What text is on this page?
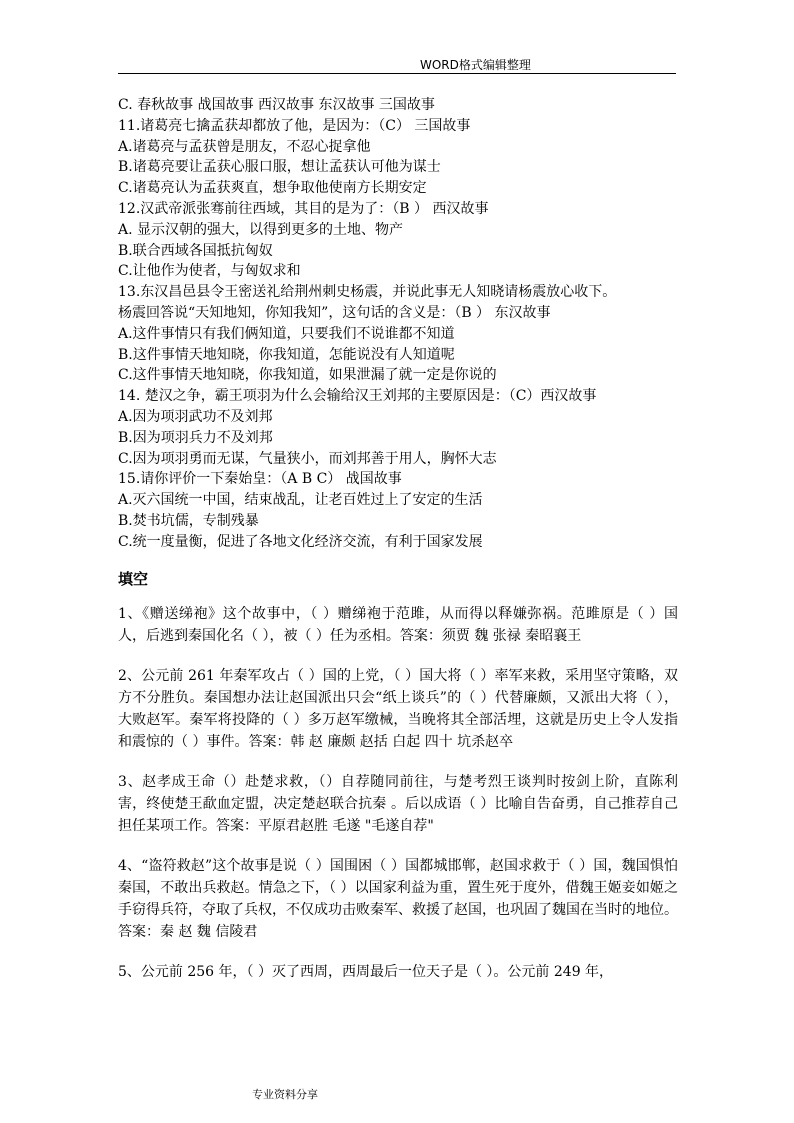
WORD格式编辑整理
C. 春秋故事 战国故事 西汉故事 东汉故事 三国故事
11.诸葛亮七擒孟获却都放了他，是因为：（C） 三国故事
A.诸葛亮与孟获曾是朋友，不忍心捉拿他
B.诸葛亮要让孟获心服口服，想让孟获认可他为谋士
C.诸葛亮认为孟获爽直，想争取他使南方长期安定
12.汉武帝派张骞前往西域，其目的是为了：（B ） 西汉故事
A. 显示汉朝的强大，以得到更多的土地、物产
B.联合西域各国抵抗匈奴
C.让他作为使者，与匈奴求和
13.东汉昌邑县令王密送礼给荆州刺史杨震，并说此事无人知晓请杨震放心收下。
杨震回答说“天知地知，你知我知”，这句话的含义是：（B ） 东汉故事
A.这件事情只有我们俩知道，只要我们不说谁都不知道
B.这件事情天地知晓，你我知道，怎能说没有人知道呢
C.这件事情天地知晓，你我知道，如果泄漏了就一定是你说的
14. 楚汉之争，霸王项羽为什么会输给汉王刘邦的主要原因是：（C）西汉故事
A.因为项羽武功不及刘邦
B.因为项羽兵力不及刘邦
C.因为项羽勇而无谋，气量狭小，而刘邦善于用人，胸怀大志
15.请你评价一下秦始皇：（A B C） 战国故事
A.灭六国统一中国，结束战乱，让老百姓过上了安定的生活
B.焚书坑儒，专制残暴
C.统一度量衡，促进了各地文化经济交流，有利于国家发展
填空

1、《赠送绨袍》这个故事中，（ ）赠绨袍于范雎，从而得以释嫌弥祸。范雎原是（ ）国人，后逃到秦国化名（ ），被（ ）任为丞相。答案：须贾 魏 张禄 秦昭襄王

2、公元前 261 年秦军攻占（ ）国的上党，（ ）国大将（ ）率军来救，采用坚守策略，双方不分胜负。秦国想办法让赵国派出只会“纸上谈兵”的（ ）代替廉颇，又派出大将（ ），大败赵军。秦军将投降的（ ）多万赵军缴械，当晚将其全部活埋，这就是历史上令人发指和震惊的（ ）事件。答案：韩 赵 廉颇 赵括 白起 四十 坑杀赵卒

3、赵孝成王命（）赴楚求救，（）自荐随同前往，与楚考烈王谈判时按剑上阶，直陈利害，终使楚王歃血定盟，决定楚赵联合抗秦 。后以成语（ ）比喻自告奋勇，自己推荐自己担任某项工作。答案：平原君赵胜 毛遂 "毛遂自荐"

4、“盗符救赵”这个故事是说（ ）国围困（ ）国都城邯郸，赵国求救于（ ）国，魏国惧怕秦国，不敢出兵救赵。情急之下，（ ）以国家利益为重，置生死于度外，借魏王姬妾如姬之手窃得兵符，夺取了兵权，不仅成功击败秦军、救援了赵国，也巩固了魏国在当时的地位。答案：秦 赵 魏 信陵君

5、公元前 256 年，（ ）灭了西周，西周最后一位天子是（ ）。公元前 249 年，

专业资料分享
